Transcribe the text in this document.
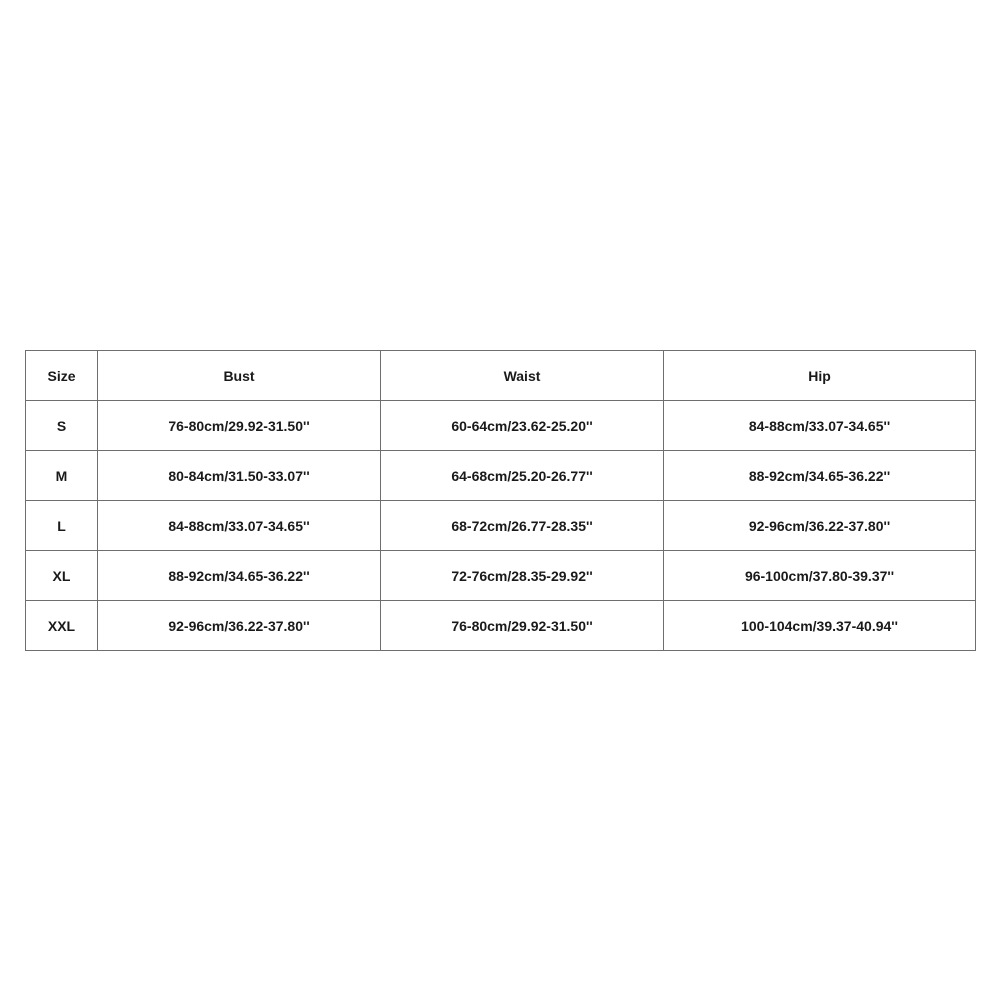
Size	Bust	Waist	Hip
S	76-80cm/29.92-31.50''	60-64cm/23.62-25.20''	84-88cm/33.07-34.65''
M	80-84cm/31.50-33.07''	64-68cm/25.20-26.77''	88-92cm/34.65-36.22''
L	84-88cm/33.07-34.65''	68-72cm/26.77-28.35''	92-96cm/36.22-37.80''
XL	88-92cm/34.65-36.22''	72-76cm/28.35-29.92''	96-100cm/37.80-39.37''
XXL	92-96cm/36.22-37.80''	76-80cm/29.92-31.50''	100-104cm/39.37-40.94''
